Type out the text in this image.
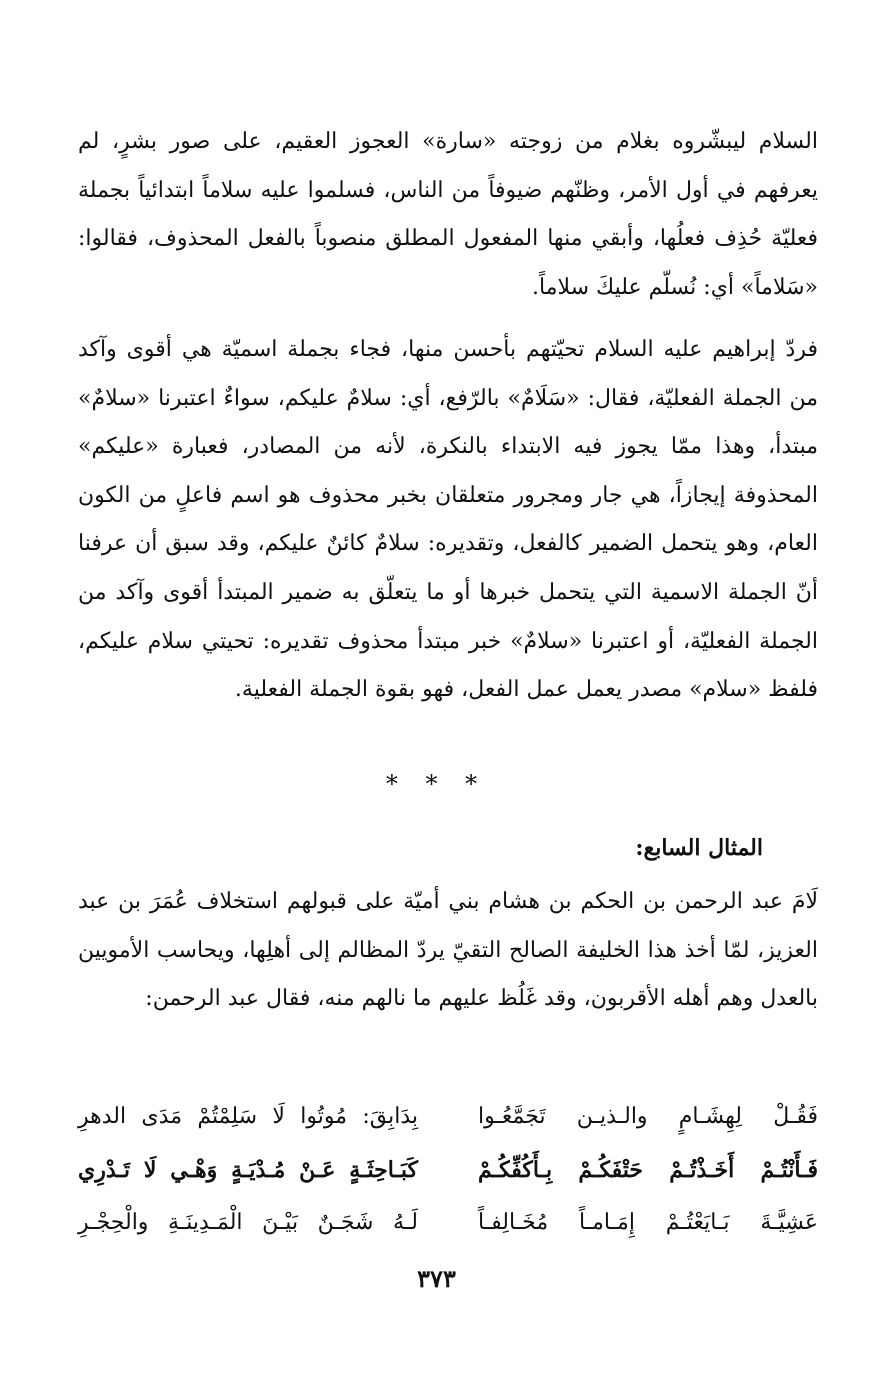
السلام ليبشّروه بغلام من زوجته «سارة» العجوز العقيم، على صور بشرٍ، لم يعرفهم في أول الأمر، وظنّهم ضيوفاً من الناس، فسلموا عليه سلاماً ابتدائياً بجملة فعليّة حُذِف فعلُها، وأبقي منها المفعول المطلق منصوباً بالفعل المحذوف، فقالوا: «سَلاماً» أي: نُسلّم عليكَ سلاماً.
فردّ إبراهيم عليه السلام تحيّتهم بأحسن منها، فجاء بجملة اسميّة هي أقوى وآكد من الجملة الفعليّة، فقال: «سَلَامٌ» بالرّفع، أي: سلامٌ عليكم، سواءٌ اعتبرنا «سلامٌ» مبتدأ، وهذا ممّا يجوز فيه الابتداء بالنكرة، لأنه من المصادر، فعبارة «عليكم» المحذوفة إيجازاً، هي جار ومجرور متعلقان بخبر محذوف هو اسم فاعلٍ من الكون العام، وهو يتحمل الضمير كالفعل، وتقديره: سلامٌ كائنٌ عليكم، وقد سبق أن عرفنا أنّ الجملة الاسمية التي يتحمل خبرها أو ما يتعلّق به ضمير المبتدأ أقوى وآكد من الجملة الفعليّة، أو اعتبرنا «سلامٌ» خبر مبتدأ محذوف تقديره: تحيتي سلام عليكم، فلفظ «سلام» مصدر يعمل عمل الفعل، فهو بقوة الجملة الفعلية.
* * *
المثال السابع:
لَامَ عبد الرحمن بن الحكم بن هشام بني أميّة على قبولهم استخلاف عُمَرَ بن عبد العزيز، لمّا أخذ هذا الخليفة الصالح التقيّ يردّ المظالم إلى أهلِها، ويحاسب الأمويين بالعدل وهم أهله الأقربون، وقد غَلُظ عليهم ما نالهم منه، فقال عبد الرحمن:
فَقُـلْ لِهِشَـامٍ والـذيـن تَجَمَّعُـوا
بِدَابِقَ: مُوتُوا لَا سَلِمْتُمْ مَدَى الدهرِ
فَـأَنْتُـمْ أَخَـذْتُـمْ حَتْفَكُـمْ بِـأَكُفِّكُـمْ
كَبَـاحِثَـةٍ عَـنْ مُـدْيَـةٍ وَهْـي لَا تَـدْرِي
عَشِيَّـةَ بَـايَعْتُـمْ إِمَـامـاً مُخَـالِفـاً
لَـهُ شَجَـنٌ بَيْـنَ الْمَـدِينَـةِ والْحِجْـرِ
٣٧٣
